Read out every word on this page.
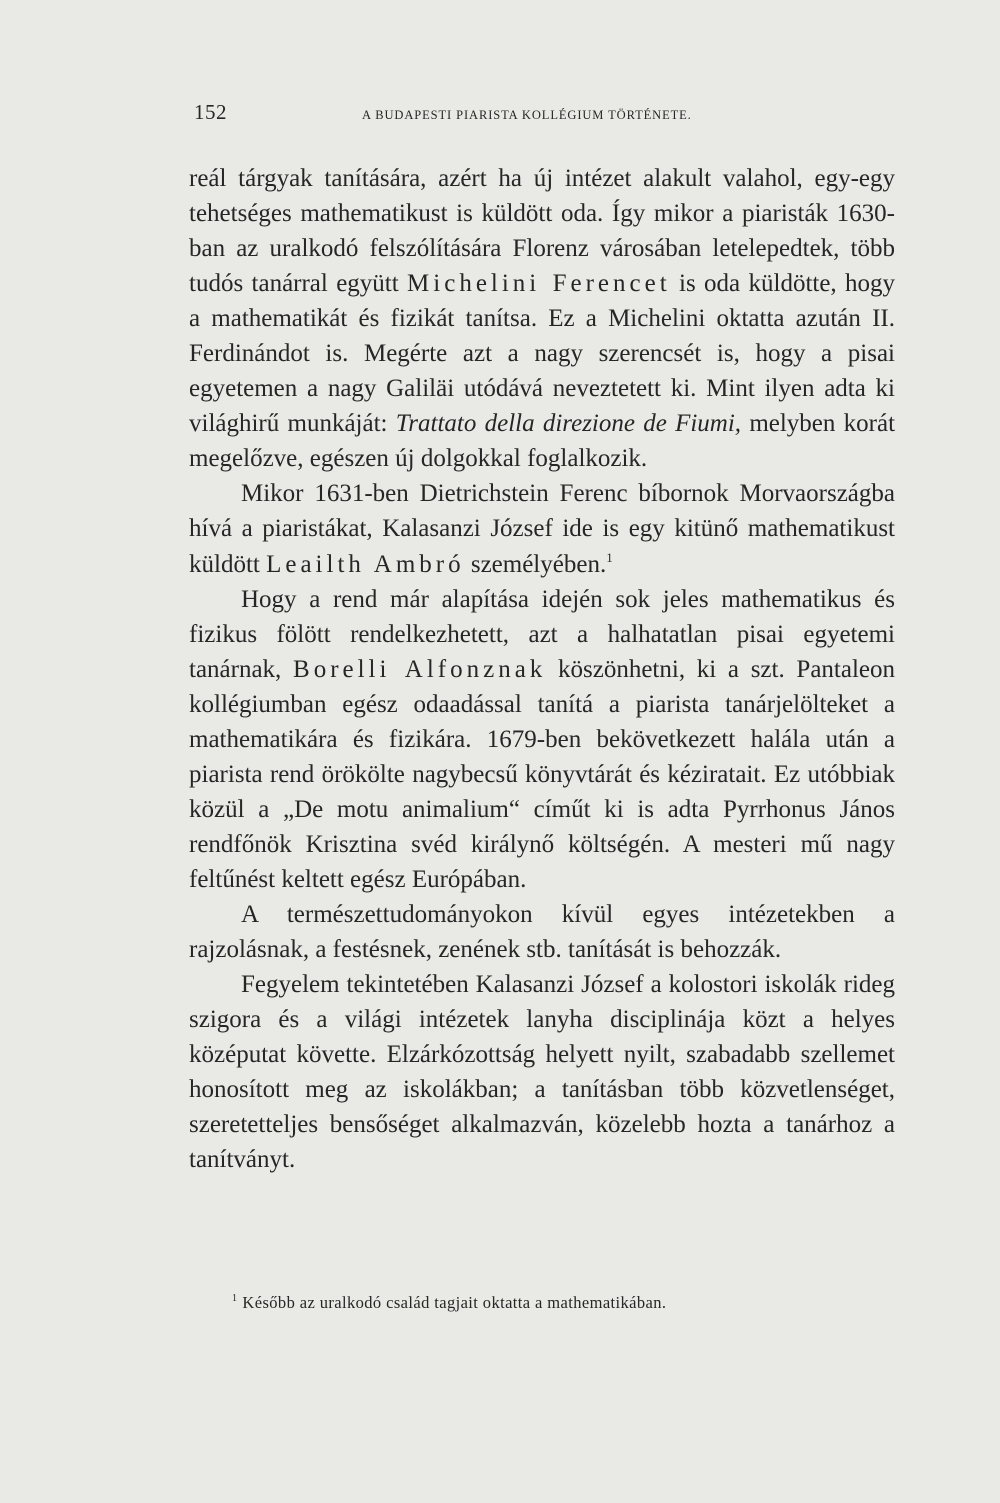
152	A BUDAPESTI PIARISTA KOLLÉGIUM TÖRTÉNETE.

reál tárgyak tanítására, azért ha új intézet alakult valahol, egy-egy tehetséges mathematikust is küldött oda. Így mikor a piaristák 1630-ban az uralkodó felszólítására Florenz városában letelepedtek, több tudós tanárral együtt Michelini Ferencet is oda küldötte, hogy a mathematikát és fizikát tanítsa. Ez a Michelini oktatta azután II. Ferdinándot is. Megérte azt a nagy szerencsét is, hogy a pisai egyetemen a nagy Galiläi utódává neveztetett ki. Mint ilyen adta ki világhirű munkáját: Trattato della direzione de Fiumi, melyben korát megelőzve, egészen új dolgokkal foglalkozik.

Mikor 1631-ben Dietrichstein Ferenc bíbornok Morvaországba hívá a piaristákat, Kalasanzi József ide is egy kitünő mathematikust küldött Leailth Ambró személyében.$^1$

Hogy a rend már alapítása idején sok jeles mathematikus és fizikus fölött rendelkezhetett, azt a halhatatlan pisai egyetemi tanárnak, Borelli Alfonznak köszönhetni, ki a szt. Pantaleon kollégiumban egész odaadással tanítá a piarista tanárjelölteket a mathematikára és fizikára. 1679-ben bekövetkezett halála után a piarista rend örökölte nagybecsű könyvtárát és kéziratait. Ez utóbbiak közül a „De motu animalium“ címűt ki is adta Pyrrhonus János rendfőnök Krisztina svéd királynő költségén. A mesteri mű nagy feltűnést keltett egész Európában.

A természettudományokon kívül egyes intézetekben a rajzolásnak, a festésnek, zenének stb. tanítását is behozzák.

Fegyelem tekintetében Kalasanzi József a kolostori iskolák rideg szigora és a világi intézetek lanyha disciplinája közt a helyes középutat követte. Elzárkózottság helyett nyilt, szabadabb szellemet honosított meg az iskolákban; a tanításban több közvetlenséget, szeretetteljes bensőséget alkalmazván, közelebb hozta a tanárhoz a tanítványt.

$^1$ Később az uralkodó család tagjait oktatta a mathematikában.
